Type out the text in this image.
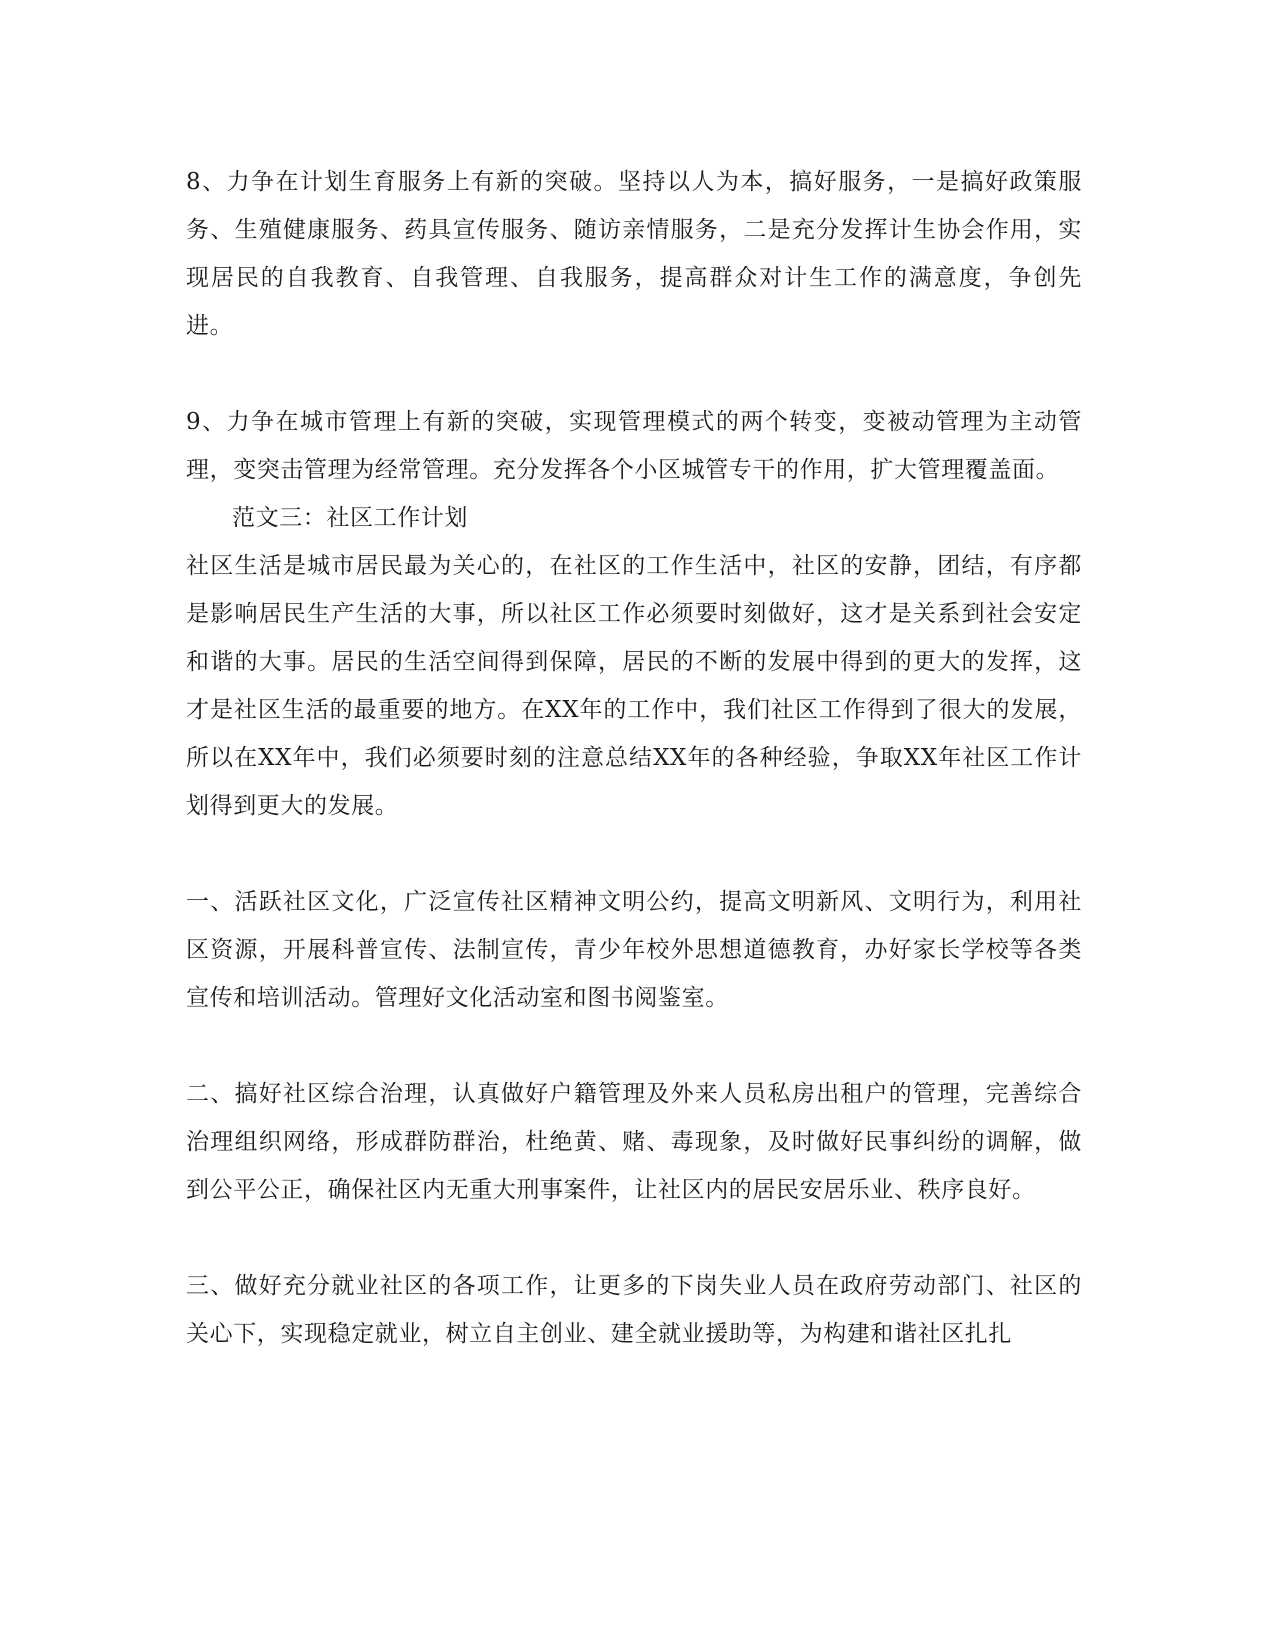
8、力争在计划生育服务上有新的突破。坚持以人为本，搞好服务，一是搞好政策服务、生殖健康服务、药具宣传服务、随访亲情服务，二是充分发挥计生协会作用，实现居民的自我教育、自我管理、自我服务，提高群众对计生工作的满意度，争创先进。

9、力争在城市管理上有新的突破，实现管理模式的两个转变，变被动管理为主动管理，变突击管理为经常管理。充分发挥各个小区城管专干的作用，扩大管理覆盖面。

范文三：社区工作计划

社区生活是城市居民最为关心的，在社区的工作生活中，社区的安静，团结，有序都是影响居民生产生活的大事，所以社区工作必须要时刻做好，这才是关系到社会安定和谐的大事。居民的生活空间得到保障，居民的不断的发展中得到的更大的发挥，这才是社区生活的最重要的地方。在XX年的工作中，我们社区工作得到了很大的发展，所以在XX年中，我们必须要时刻的注意总结XX年的各种经验，争取XX年社区工作计划得到更大的发展。

一、活跃社区文化，广泛宣传社区精神文明公约，提高文明新风、文明行为，利用社区资源，开展科普宣传、法制宣传，青少年校外思想道德教育，办好家长学校等各类宣传和培训活动。管理好文化活动室和图书阅鉴室。

二、搞好社区综合治理，认真做好户籍管理及外来人员私房出租户的管理，完善综合治理组织网络，形成群防群治，杜绝黄、赌、毒现象，及时做好民事纠纷的调解，做到公平公正，确保社区内无重大刑事案件，让社区内的居民安居乐业、秩序良好。

三、做好充分就业社区的各项工作，让更多的下岗失业人员在政府劳动部门、社区的关心下，实现稳定就业，树立自主创业、建全就业援助等，为构建和谐社区扎扎
